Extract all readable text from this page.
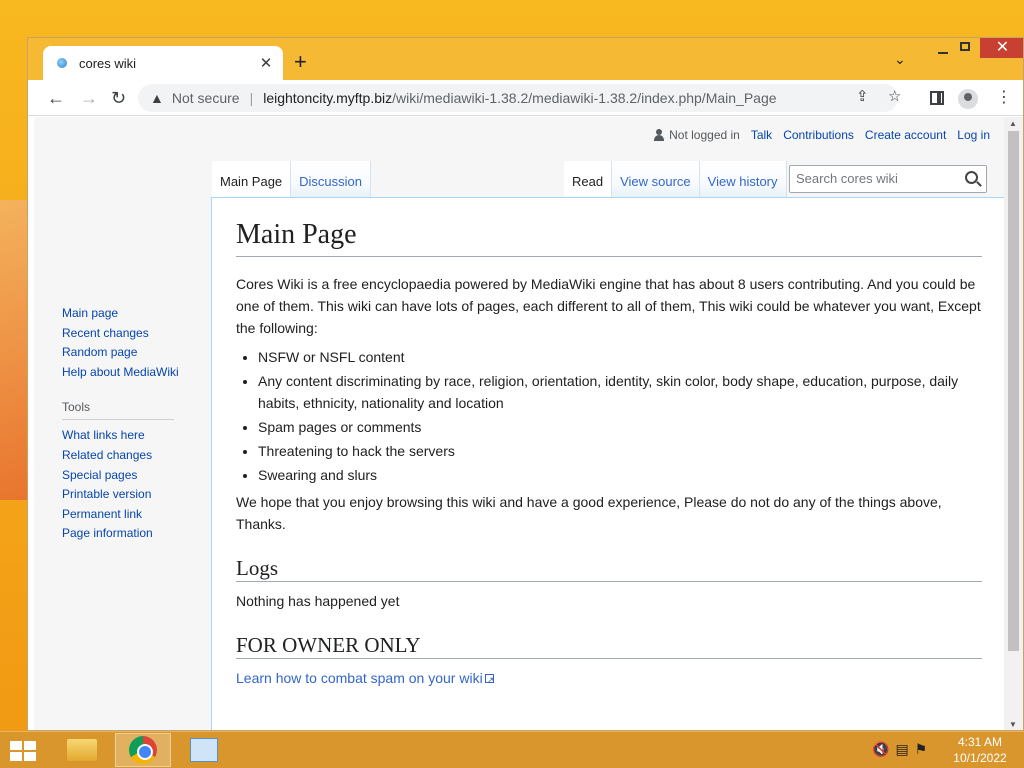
cores wiki	✕ +	⌄
✕
← → ↻ ▲ Not secure | leightoncity.myftp.biz /wiki/mediawiki-1.38.2/mediawiki-1.38.2/index.php/Main_Page	⇪ ☆	⋮
Not logged in Talk Contributions Create account Log in
Main Page	Discussion	Read	View source	View history	Search cores wiki
Main page
Recent changes
Random page
Help about MediaWiki
Tools
What links here
Related changes
Special pages
Printable version
Permanent link
Page information
Main Page

Cores Wiki is a free encyclopaedia powered by MediaWiki engine that has about 8 users contributing. And you could be one of them. This wiki can have lots of pages, each different to all of them, This wiki could be whatever you want, Except the following:

• NSFW or NSFL content
• Any content discriminating by race, religion, orientation, identity, skin color, body shape, education, purpose, daily habits, ethnicity, nationality and location
• Spam pages or comments
• Threatening to hack the servers
• Swearing and slurs

We hope that you enjoy browsing this wiki and have a good experience, Please do not do any of the things above, Thanks.

Logs

Nothing has happened yet

FOR OWNER ONLY

Learn how to combat spam on your wiki↗

▲
▼
🔇 ▤ ⚑	4:31 AM
10/1/2022
